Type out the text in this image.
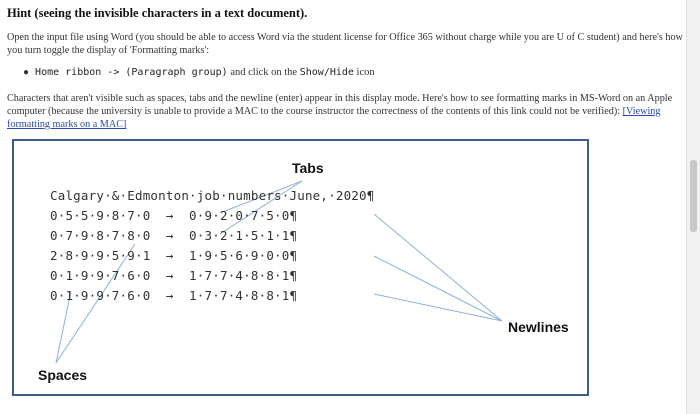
Hint (seeing the invisible characters in a text document).
Open the input file using Word (you should be able to access Word via the student license for Office 365 without charge while you are U of C student) and here's how you turn toggle the display of 'Formatting marks':
● Home ribbon -> (Paragraph group) and click on the Show/Hide icon
Characters that aren't visible such as spaces, tabs and the newline (enter) appear in this display mode. Here's how to see formatting marks in MS-Word on an Apple computer (because the university is unable to provide a MAC to the course instructor the correctness of the contents of this link could not be verified): [Viewing formatting marks on a MAC]
Tabs
Newlines
Spaces
Calgary·&·Edmonton·job·numbers·June,·2020¶
0·5·5·9·8·7·0  →  0·9·2·0·7·5·0¶
0·7·9·8·7·8·0  →  0·3·2·1·5·1·1¶
2·8·9·9·5·9·1  →  1·9·5·6·9·0·0¶
0·1·9·9·7·6·0  →  1·7·7·4·8·8·1¶
0·1·9·9·7·6·0  →  1·7·7·4·8·8·1¶
